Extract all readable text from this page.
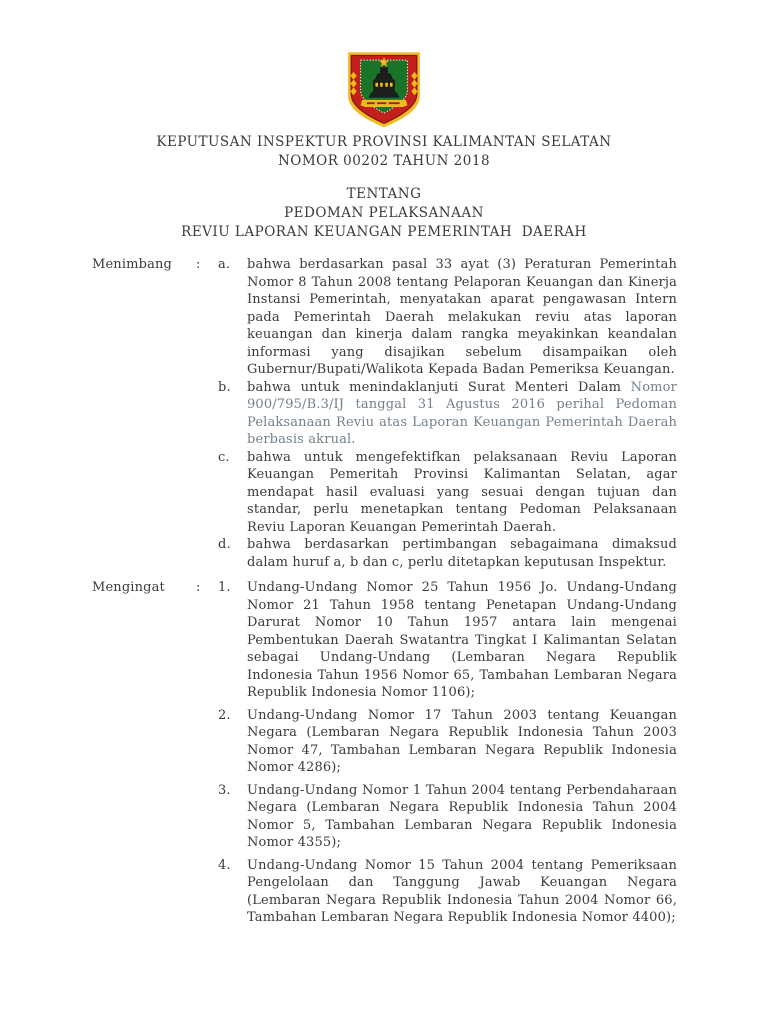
KEPUTUSAN INSPEKTUR PROVINSI KALIMANTAN SELATAN
NOMOR 00202 TAHUN 2018
TENTANG
PEDOMAN PELAKSANAAN
REVIU LAPORAN KEUANGAN PEMERINTAH  DAERAH
Menimbang	:	a.	bahwa berdasarkan pasal 33 ayat (3) Peraturan Pemerintah Nomor 8 Tahun 2008 tentang Pelaporan Keuangan dan Kinerja Instansi Pemerintah, menyatakan aparat pengawasan Intern pada Pemerintah Daerah melakukan reviu atas laporan keuangan dan kinerja dalam rangka meyakinkan keandalan informasi yang disajikan sebelum disampaikan oleh Gubernur/Bupati/Walikota Kepada Badan Pemeriksa Keuangan.
b.	bahwa untuk menindaklanjuti Surat Menteri Dalam Nomor 900/795/B.3/IJ tanggal 31 Agustus 2016 perihal Pedoman Pelaksanaan Reviu atas Laporan Keuangan Pemerintah Daerah berbasis akrual.
c.	bahwa untuk mengefektifkan pelaksanaan Reviu Laporan Keuangan Pemeritah Provinsi Kalimantan Selatan, agar mendapat hasil evaluasi yang sesuai dengan tujuan dan standar, perlu menetapkan tentang Pedoman Pelaksanaan Reviu Laporan Keuangan Pemerintah Daerah.
d.	bahwa berdasarkan pertimbangan sebagaimana dimaksud dalam huruf a, b dan c, perlu ditetapkan keputusan Inspektur.
Mengingat	:	1.	Undang-Undang Nomor 25 Tahun 1956 Jo. Undang-Undang Nomor 21 Tahun 1958 tentang Penetapan Undang-Undang Darurat Nomor 10 Tahun 1957 antara lain mengenai Pembentukan Daerah Swatantra Tingkat I Kalimantan Selatan sebagai Undang-Undang (Lembaran Negara Republik Indonesia Tahun 1956 Nomor 65, Tambahan Lembaran Negara Republik Indonesia Nomor 1106);
2.	Undang-Undang Nomor 17 Tahun 2003 tentang Keuangan Negara (Lembaran Negara Republik Indonesia Tahun 2003 Nomor 47, Tambahan Lembaran Negara Republik Indonesia Nomor 4286);
3.	Undang-Undang Nomor 1 Tahun 2004 tentang Perbendaharaan Negara (Lembaran Negara Republik Indonesia Tahun 2004 Nomor 5, Tambahan Lembaran Negara Republik Indonesia Nomor 4355);
4.	Undang-Undang Nomor 15 Tahun 2004 tentang Pemeriksaan Pengelolaan dan Tanggung Jawab Keuangan Negara (Lembaran Negara Republik Indonesia Tahun 2004 Nomor 66, Tambahan Lembaran Negara Republik Indonesia Nomor 4400);
